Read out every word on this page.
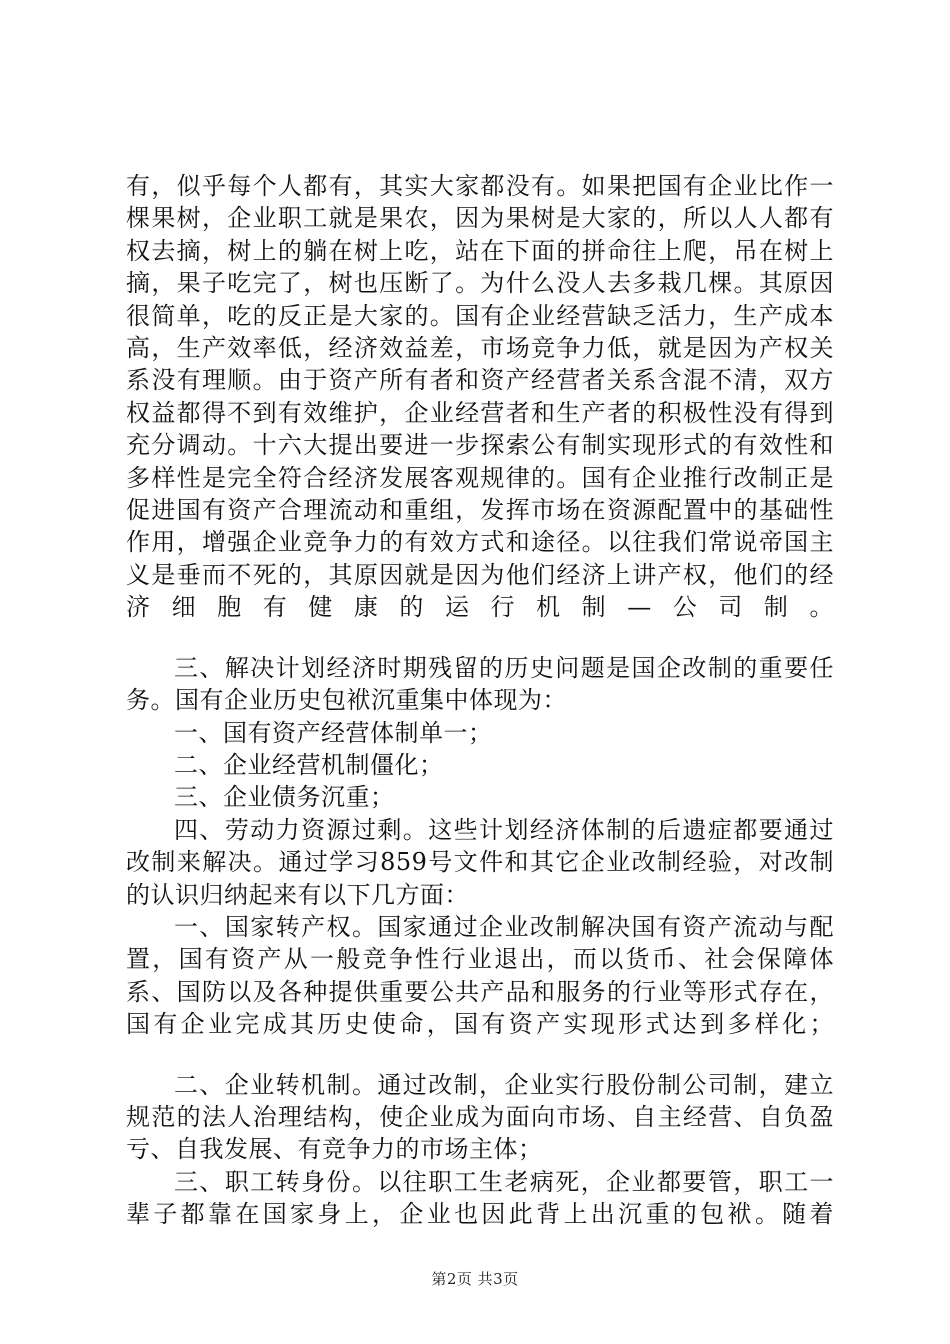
有，似乎每个人都有，其实大家都没有。如果把国有企业比作一棵果树，企业职工就是果农，因为果树是大家的，所以人人都有权去摘，树上的躺在树上吃，站在下面的拼命往上爬，吊在树上摘，果子吃完了，树也压断了。为什么没人去多栽几棵。其原因很简单，吃的反正是大家的。国有企业经营缺乏活力，生产成本高，生产效率低，经济效益差，市场竞争力低，就是因为产权关系没有理顺。由于资产所有者和资产经营者关系含混不清，双方权益都得不到有效维护，企业经营者和生产者的积极性没有得到充分调动。十六大提出要进一步探索公有制实现形式的有效性和多样性是完全符合经济发展客观规律的。国有企业推行改制正是促进国有资产合理流动和重组，发挥市场在资源配置中的基础性作用，增强企业竞争力的有效方式和途径。以往我们常说帝国主义是垂而不死的，其原因就是因为他们经济上讲产权，他们的经济细胞有健康的运行机制—公司制。

三、解决计划经济时期残留的历史问题是国企改制的重要任务。国有企业历史包袱沉重集中体现为：

一、国有资产经营体制单一；

二、企业经营机制僵化；

三、企业债务沉重；

四、劳动力资源过剩。这些计划经济体制的后遗症都要通过改制来解决。通过学习859号文件和其它企业改制经验，对改制的认识归纳起来有以下几方面：

一、国家转产权。国家通过企业改制解决国有资产流动与配置，国有资产从一般竞争性行业退出，而以货币、社会保障体系、国防以及各种提供重要公共产品和服务的行业等形式存在，国有企业完成其历史使命，国有资产实现形式达到多样化；

二、企业转机制。通过改制，企业实行股份制公司制，建立规范的法人治理结构，使企业成为面向市场、自主经营、自负盈亏、自我发展、有竞争力的市场主体；

三、职工转身份。以往职工生老病死，企业都要管，职工一辈子都靠在国家身上，企业也因此背上出沉重的包袱。随着

第2页 共3页
